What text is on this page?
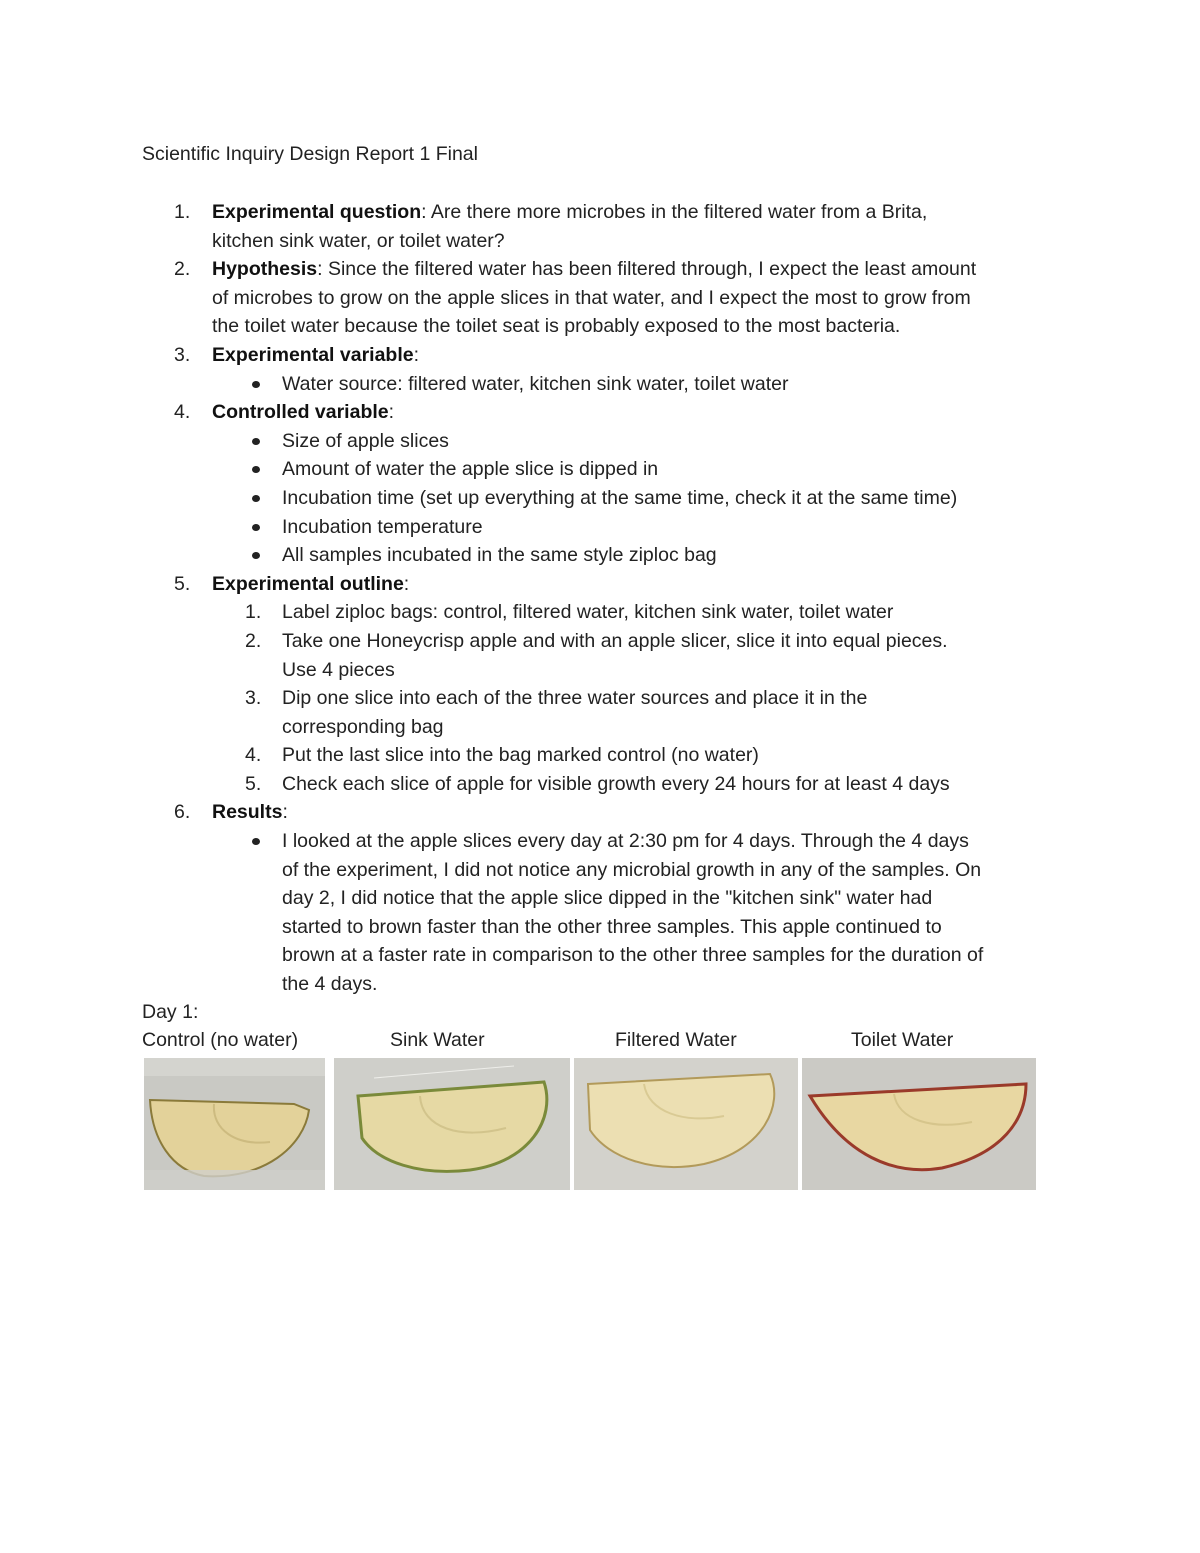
Scientific Inquiry Design Report 1 Final
1. Experimental question: Are there more microbes in the filtered water from a Brita,
kitchen sink water, or toilet water?
2. Hypothesis: Since the filtered water has been filtered through, I expect the least amount
of microbes to grow on the apple slices in that water, and I expect the most to grow from
the toilet water because the toilet seat is probably exposed to the most bacteria.
3. Experimental variable:
Water source: filtered water, kitchen sink water, toilet water
4. Controlled variable:
Size of apple slices
Amount of water the apple slice is dipped in
Incubation time (set up everything at the same time, check it at the same time)
Incubation temperature
All samples incubated in the same style ziploc bag
5. Experimental outline:
1. Label ziploc bags: control, filtered water, kitchen sink water, toilet water
2. Take one Honeycrisp apple and with an apple slicer, slice it into equal pieces.
Use 4 pieces
3. Dip one slice into each of the three water sources and place it in the
corresponding bag
4. Put the last slice into the bag marked control (no water)
5. Check each slice of apple for visible growth every 24 hours for at least 4 days
6. Results:
I looked at the apple slices every day at 2:30 pm for 4 days. Through the 4 days
of the experiment, I did not notice any microbial growth in any of the samples. On
day 2, I did notice that the apple slice dipped in the "kitchen sink" water had
started to brown faster than the other three samples. This apple continued to
brown at a faster rate in comparison to the other three samples for the duration of
the 4 days.
Day 1:
Control (no water)	Sink Water	Filtered Water	Toilet Water
